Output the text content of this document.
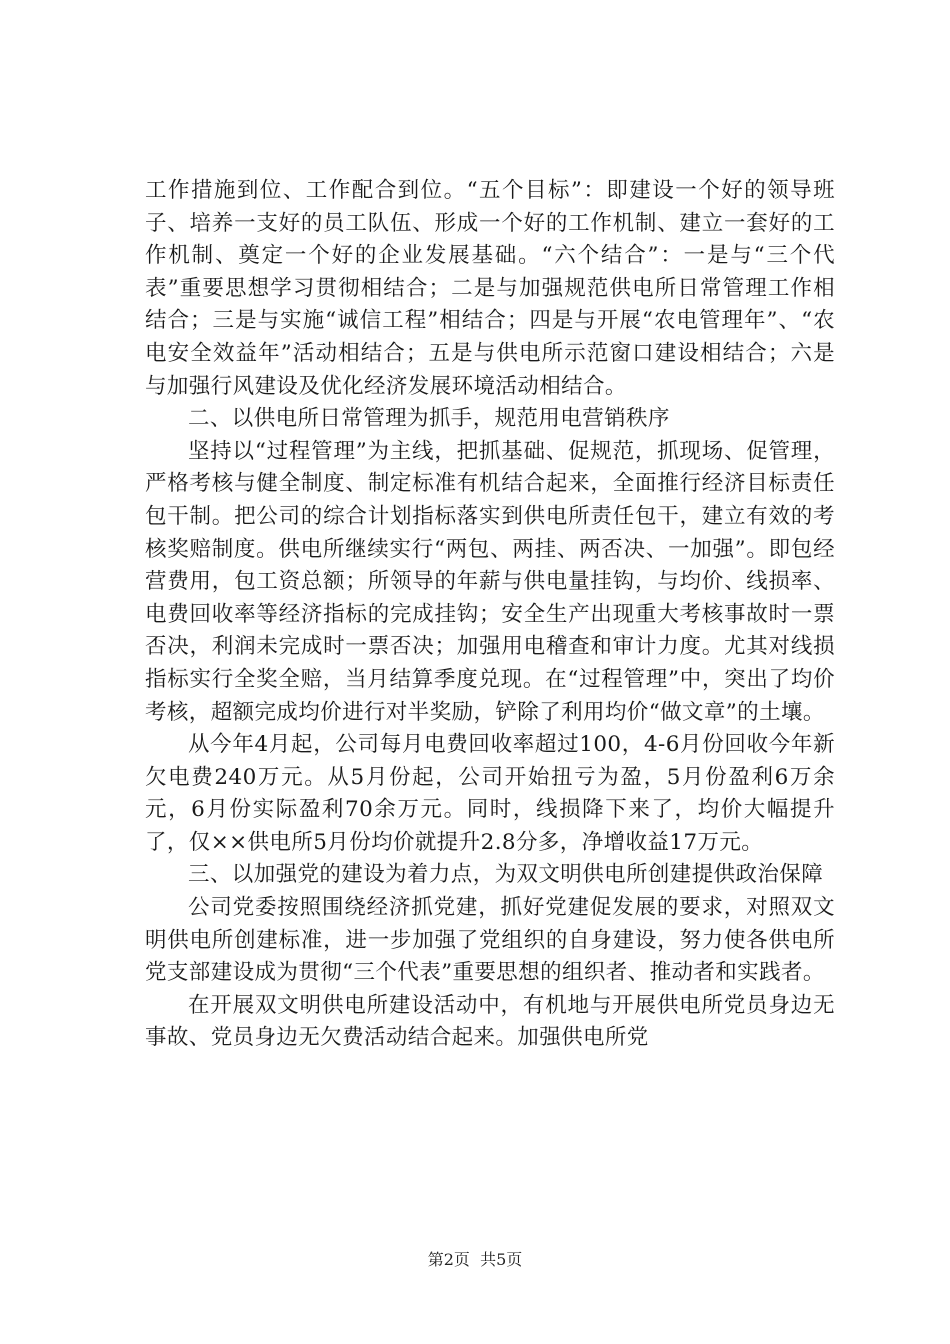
工作措施到位、工作配合到位。“五个目标”：即建设一个好的领导班子、培养一支好的员工队伍、形成一个好的工作机制、建立一套好的工作机制、奠定一个好的企业发展基础。“六个结合”：一是与“三个代表”重要思想学习贯彻相结合；二是与加强规范供电所日常管理工作相结合；三是与实施“诚信工程”相结合；四是与开展“农电管理年”、“农电安全效益年”活动相结合；五是与供电所示范窗口建设相结合；六是与加强行风建设及优化经济发展环境活动相结合。

二、以供电所日常管理为抓手，规范用电营销秩序

坚持以“过程管理”为主线，把抓基础、促规范，抓现场、促管理，严格考核与健全制度、制定标准有机结合起来，全面推行经济目标责任包干制。把公司的综合计划指标落实到供电所责任包干，建立有效的考核奖赔制度。供电所继续实行“两包、两挂、两否决、一加强”。即包经营费用，包工资总额；所领导的年薪与供电量挂钩，与均价、线损率、电费回收率等经济指标的完成挂钩；安全生产出现重大考核事故时一票否决，利润未完成时一票否决；加强用电稽查和审计力度。尤其对线损指标实行全奖全赔，当月结算季度兑现。在“过程管理”中，突出了均价考核，超额完成均价进行对半奖励，铲除了利用均价“做文章”的土壤。

从今年4月起，公司每月电费回收率超过100，4-6月份回收今年新欠电费240万元。从5月份起，公司开始扭亏为盈，5月份盈利6万余元，6月份实际盈利70余万元。同时，线损降下来了，均价大幅提升了，仅××供电所5月份均价就提升2.8分多，净增收益17万元。

三、以加强党的建设为着力点，为双文明供电所创建提供政治保障

公司党委按照围绕经济抓党建，抓好党建促发展的要求，对照双文明供电所创建标准，进一步加强了党组织的自身建设，努力使各供电所党支部建设成为贯彻“三个代表”重要思想的组织者、推动者和实践者。

在开展双文明供电所建设活动中，有机地与开展供电所党员身边无事故、党员身边无欠费活动结合起来。加强供电所党

第2页 共5页
